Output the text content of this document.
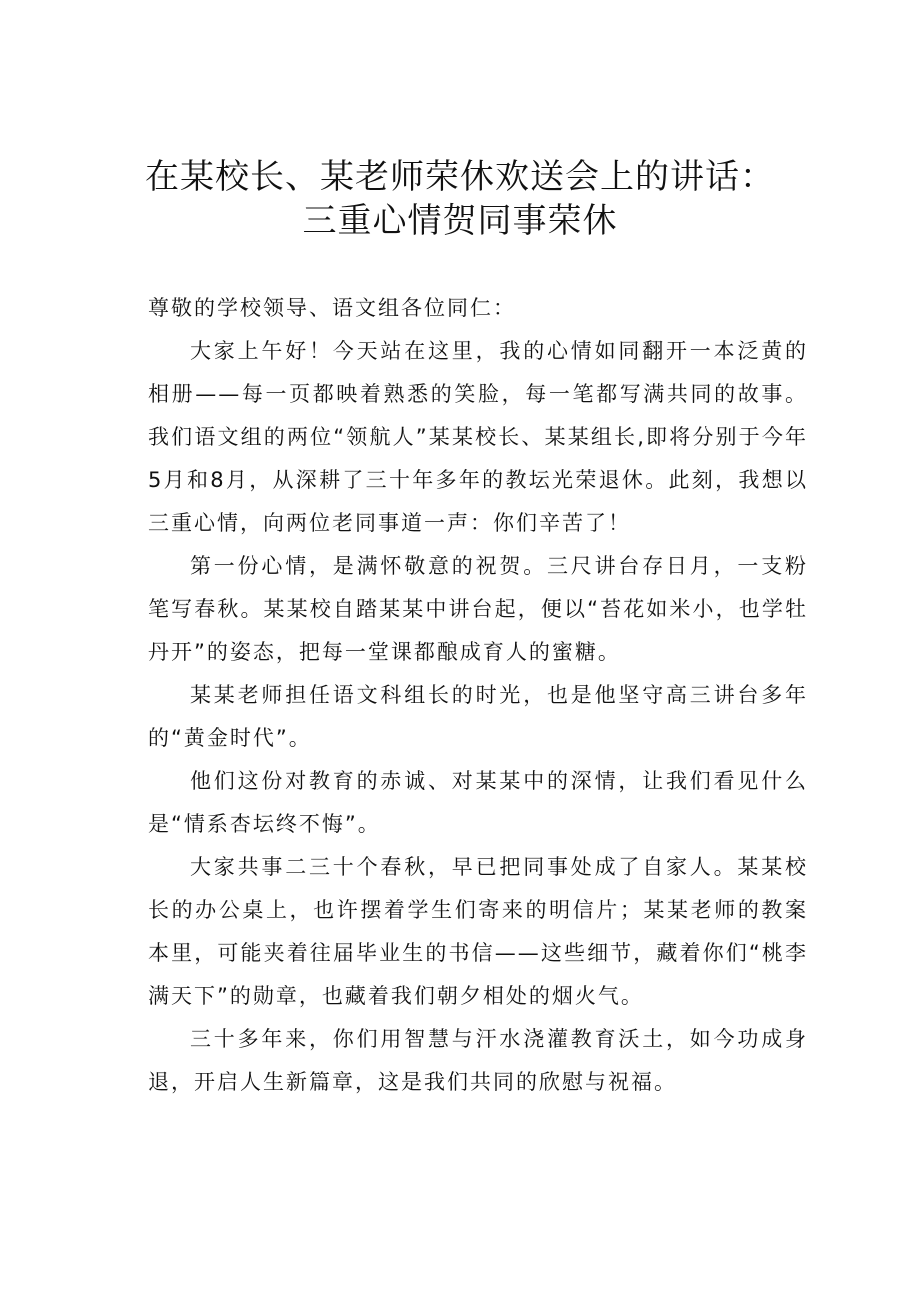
在某校长、某老师荣休欢送会上的讲话：
三重心情贺同事荣休

尊敬的学校领导、语文组各位同仁：

大家上午好！今天站在这里，我的心情如同翻开一本泛黄的相册——每一页都映着熟悉的笑脸，每一笔都写满共同的故事。我们语文组的两位“领航人”某某校长、某某组长,即将分别于今年5月和8月，从深耕了三十年多年的教坛光荣退休。此刻，我想以三重心情，向两位老同事道一声：你们辛苦了！

第一份心情，是满怀敬意的祝贺。三尺讲台存日月，一支粉笔写春秋。某某校自踏某某中讲台起，便以“苔花如米小，也学牡丹开”的姿态，把每一堂课都酿成育人的蜜糖。

某某老师担任语文科组长的时光，也是他坚守高三讲台多年的“黄金时代”。

他们这份对教育的赤诚、对某某中的深情，让我们看见什么是“情系杏坛终不悔”。

大家共事二三十个春秋，早已把同事处成了自家人。某某校长的办公桌上，也许摆着学生们寄来的明信片；某某老师的教案本里，可能夹着往届毕业生的书信——这些细节，藏着你们“桃李满天下”的勋章，也藏着我们朝夕相处的烟火气。

三十多年来，你们用智慧与汗水浇灌教育沃土，如今功成身退，开启人生新篇章，这是我们共同的欣慰与祝福。
